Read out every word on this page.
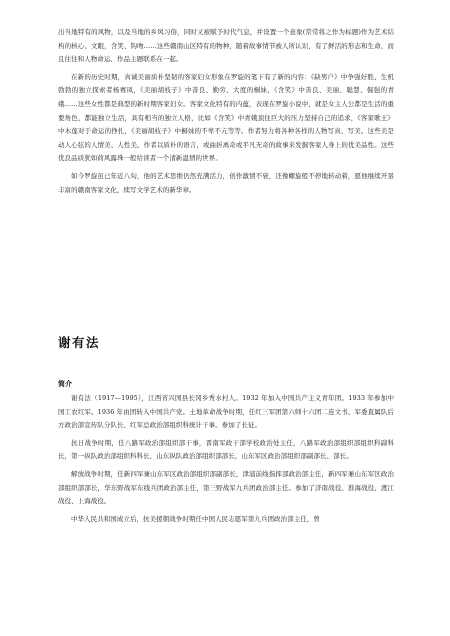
出当地特有的风物，以及当地的乡风习俗，同时又被赋予时代气息，并设置一个意象(常常将之作为标题)作为艺术结构的核心、文眼，含笑、钩吻……这些赣南山区特有的物种，随着故事情节被人所认识，有了鲜活的形态和生命，而且往往和人物命运、作品主题联系在一起。

在新的历史时期，真诚美丽质朴坚韧的客家妇女形象在罗旋的笔下有了新的内容：《缺男户》中争强好胜、生机勃勃的独立探索者杨赛凤，《美丽胡枝子》中善良、勤劳、大度的桐妹，《含笑》中善良、美丽、聪慧、倔强的青娥……这些女性都是典型的新时期客家妇女。客家文化特有的内蕴，表现在罗旋小说中，就是女主人公都是生活的重要角色，都能独立生活，具有相当的独立人格，比如《含笑》中青娥顶住巨大的压力坚持自己的追求，《客家歌王》中木莲对于命运的挣扎，《美丽胡枝子》中桐妹的不卑不亢等等。作者努力将各种各样的人物写真、写美。这些美是动人心弦的人情美、人性美。作者以质朴的语言，或曲折离奇或平凡无奇的故事来发掘客家人身上的优美品性。这些优良品质犹如荷风露珠一般给读者一个清新温情的世界。

如今罗旋虽已年近八旬，他的艺术思维仍然充满活力，创作激情不衰，还像螺旋般不停地转动着，愿他继续开垦丰富的赣南客家文化，续写文学艺术的新华章。

谢有法
简介

谢有法（1917—1995），江西省兴国县长冈乡秀水村人。1932 年加入中国共产主义青年团。1933 年参加中国工农红军。1936 年由团转入中国共产党。土地革命战争时期，任红三军团第六师十六团二连文书、军委直属队后方政治部宣传队分队长、红军总政治部组织科统计干事。参加了长征。

抗日战争时期，任八路军政治部组织部干事，晋南军政干部学校政治处主任，八路军政治部组织部组织科副科长，第一纵队政治部组织科科长，山东纵队政治部组织部部长，山东军区政治部组织部副部长、部长。

解放战争时期，任新四军兼山东军区政治部组织部副部长，津浦前线指挥部政治部主任，新四军兼山东军区政治部组织部部长，华东野战军东线兵团政治部主任，第三野战军九兵团政治部主任。参加了济南战役、淮海战役、渡江战役、上海战役。

中华人民共和国成立后，抗美援朝战争时期任中国人民志愿军第九兵团政治部主任，曾
